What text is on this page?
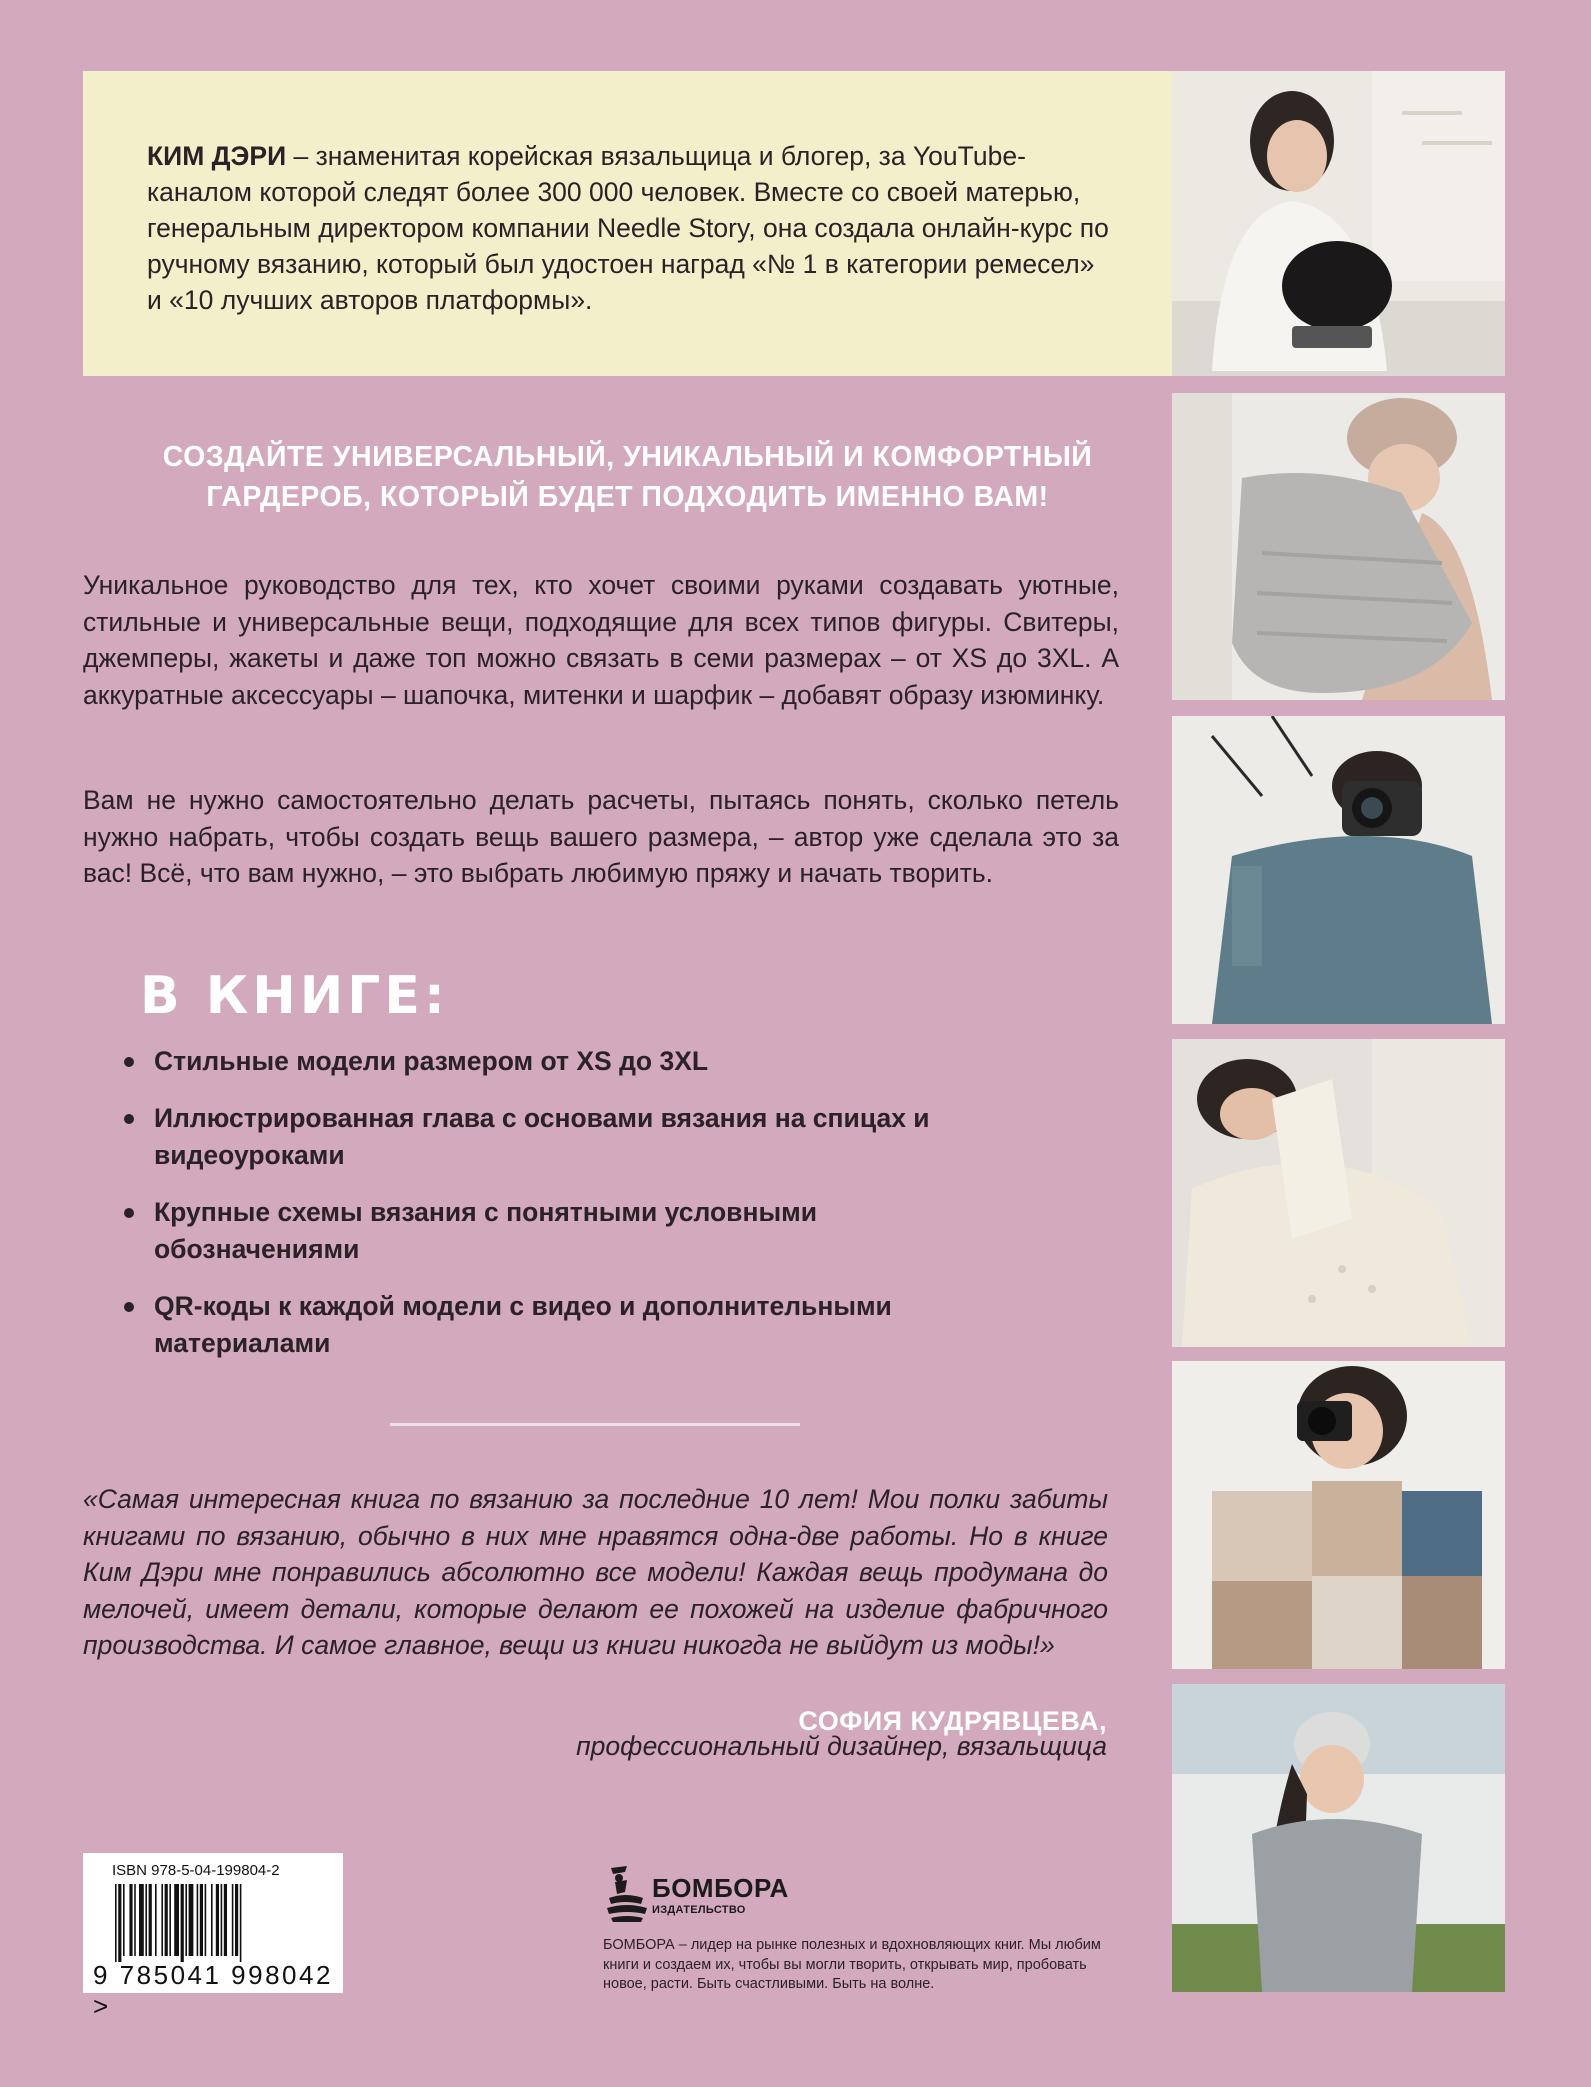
КИМ ДЭРИ – знаменитая корейская вязальщица и блогер, за YouTube-каналом которой следят более 300 000 человек. Вместе со своей матерью, генеральным директором компании Needle Story, она создала онлайн-курс по ручному вязанию, который был удостоен наград «№ 1 в категории ремесел» и «10 лучших авторов платформы».

СОЗДАЙТЕ УНИВЕРСАЛЬНЫЙ, УНИКАЛЬНЫЙ И КОМФОРТНЫЙ ГАРДЕРОБ, КОТОРЫЙ БУДЕТ ПОДХОДИТЬ ИМЕННО ВАМ!

Уникальное руководство для тех, кто хочет своими руками создавать уютные, стильные и универсальные вещи, подходящие для всех типов фигуры. Свитеры, джемперы, жакеты и даже топ можно связать в семи размерах – от XS до 3XL. А аккуратные аксессуары – шапочка, митенки и шарфик – добавят образу изюминку.

Вам не нужно самостоятельно делать расчеты, пытаясь понять, сколько петель нужно набрать, чтобы создать вещь вашего размера, – автор уже сделала это за вас! Всё, что вам нужно, – это выбрать любимую пряжу и начать творить.

В КНИГЕ:
Стильные модели размером от XS до 3XL
Иллюстрированная глава с основами вязания на спицах и видеоуроками
Крупные схемы вязания с понятными условными обозначениями
QR-коды к каждой модели с видео и дополнительными материалами

«Самая интересная книга по вязанию за последние 10 лет! Мои полки забиты книгами по вязанию, обычно в них мне нравятся одна-две работы. Но в книге Ким Дэри мне понравились абсолютно все модели! Каждая вещь продумана до мелочей, имеет детали, которые делают ее похожей на изделие фабричного производства. И самое главное, вещи из книги никогда не выйдут из моды!»

СОФИЯ КУДРЯВЦЕВА,
профессиональный дизайнер, вязальщица
ISBN 978-5-04-199804-2
9 785041 998042 >
БОМБОРА
ИЗДАТЕЛЬСТВО
БОМБОРА – лидер на рынке полезных и вдохновляющих книг. Мы любим книги и создаем их, чтобы вы могли творить, открывать мир, пробовать новое, расти. Быть счастливыми. Быть на волне.
